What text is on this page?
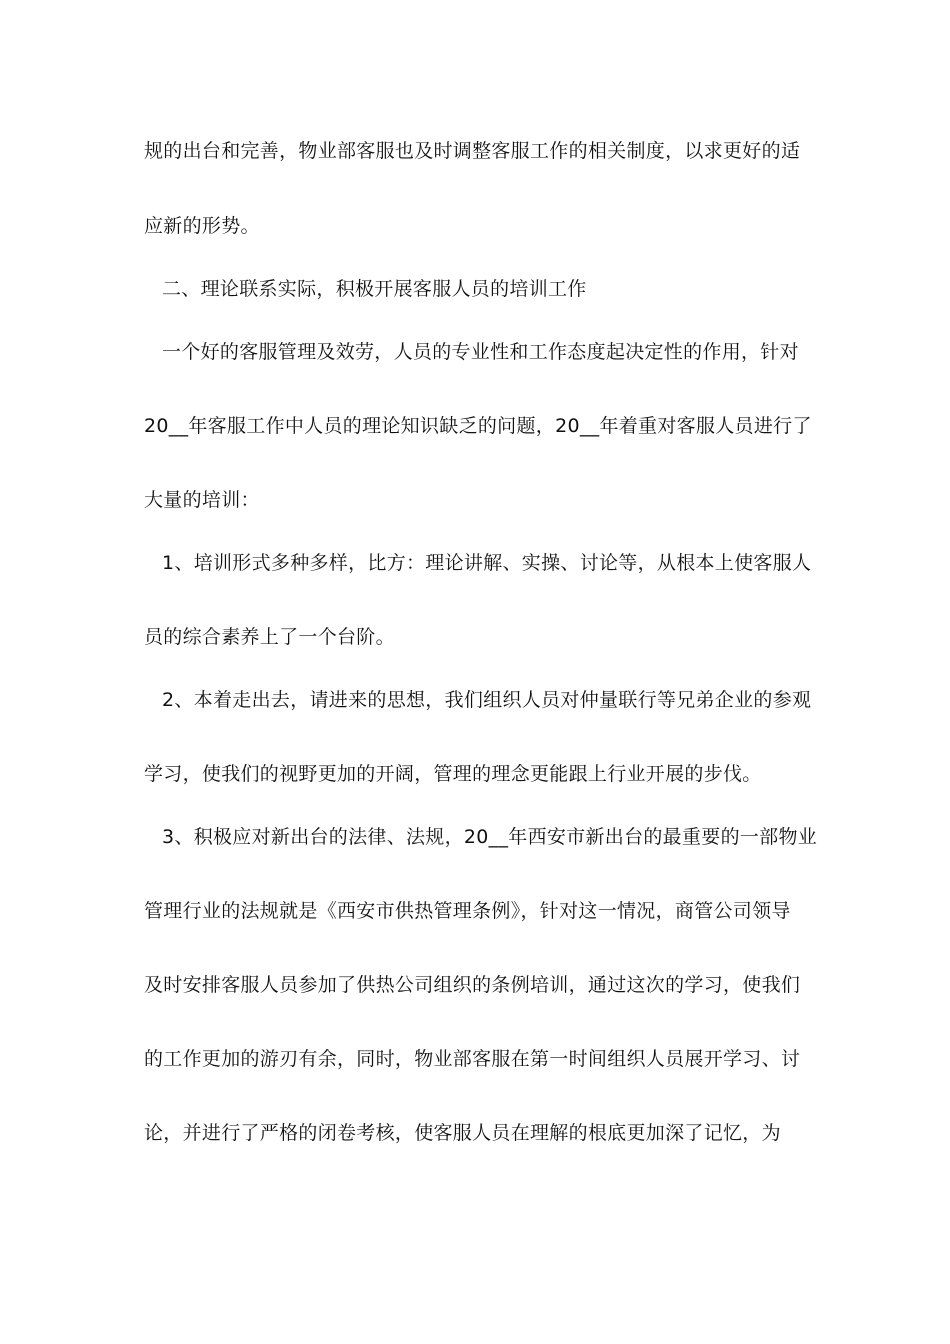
规的出台和完善，物业部客服也及时调整客服工作的相关制度，以求更好的适
应新的形势。
二、理论联系实际，积极开展客服人员的培训工作
一个好的客服管理及效劳，人员的专业性和工作态度起决定性的作用，针对
20__年客服工作中人员的理论知识缺乏的问题，20__年着重对客服人员进行了
大量的培训：
1、培训形式多种多样，比方：理论讲解、实操、讨论等，从根本上使客服人
员的综合素养上了一个台阶。
2、本着走出去，请进来的思想，我们组织人员对仲量联行等兄弟企业的参观
学习，使我们的视野更加的开阔，管理的理念更能跟上行业开展的步伐。
3、积极应对新出台的法律、法规，20__年西安市新出台的最重要的一部物业
管理行业的法规就是《西安市供热管理条例》，针对这一情况，商管公司领导
及时安排客服人员参加了供热公司组织的条例培训，通过这次的学习，使我们
的工作更加的游刃有余，同时，物业部客服在第一时间组织人员展开学习、讨
论，并进行了严格的闭卷考核，使客服人员在理解的根底更加深了记忆，为
